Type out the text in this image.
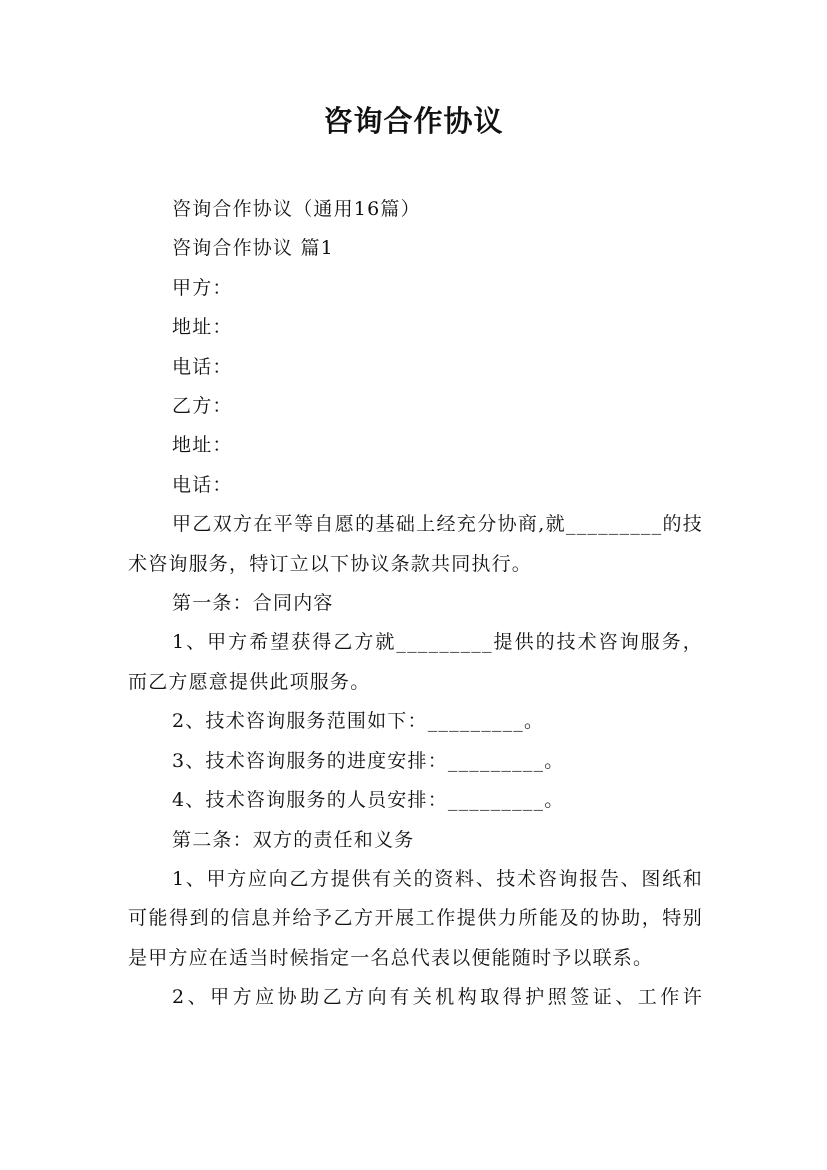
咨询合作协议

咨询合作协议（通用16篇）

咨询合作协议 篇1

甲方：

地址：

电话：

乙方：

地址：

电话：

甲乙双方在平等自愿的基础上经充分协商,就_________的技术咨询服务，特订立以下协议条款共同执行。

第一条：合同内容

1、甲方希望获得乙方就_________提供的技术咨询服务，而乙方愿意提供此项服务。

2、技术咨询服务范围如下：_________。

3、技术咨询服务的进度安排：_________。

4、技术咨询服务的人员安排：_________。

第二条：双方的责任和义务

1、甲方应向乙方提供有关的资料、技术咨询报告、图纸和可能得到的信息并给予乙方开展工作提供力所能及的协助，特别是甲方应在适当时候指定一名总代表以便能随时予以联系。

2、甲方应协助乙方向有关机构取得护照签证、工作许
